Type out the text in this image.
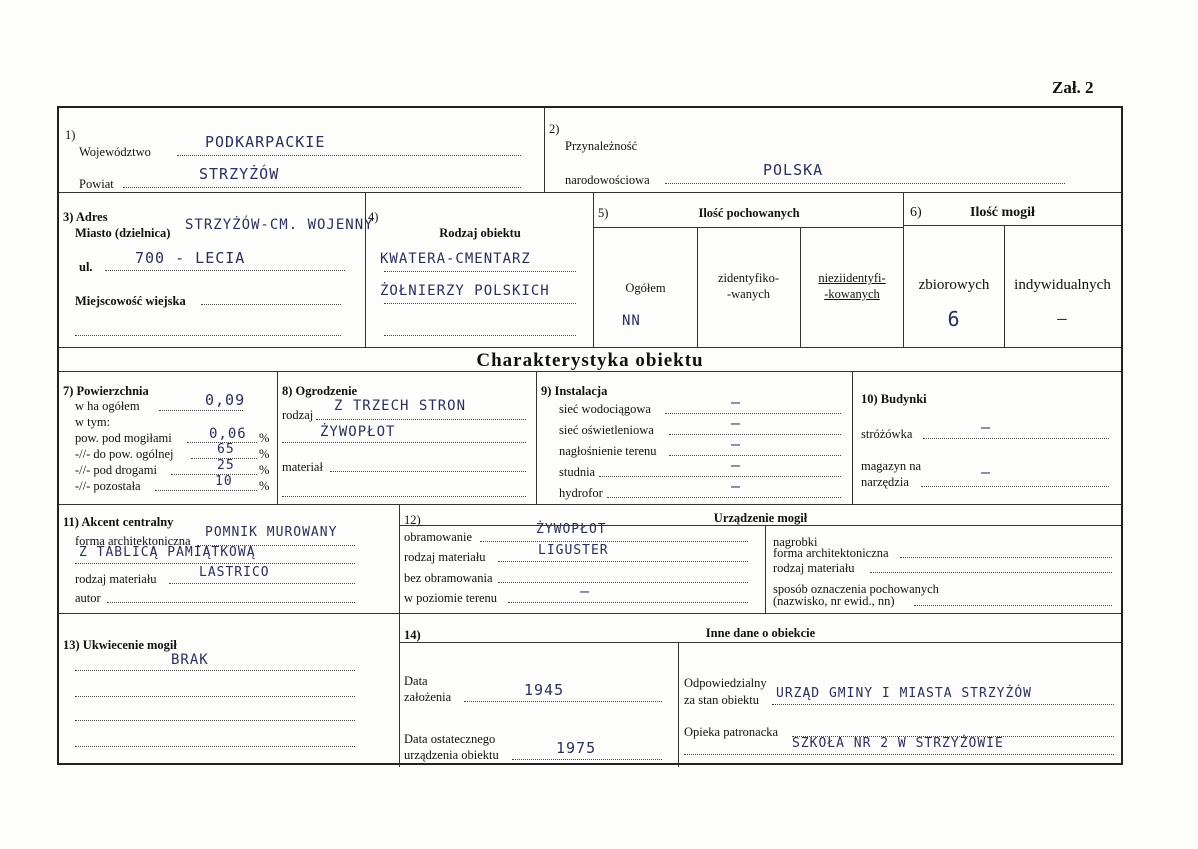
Zał. 2
1)
Województwo
PODKARPACKIE
Powiat
STRZYŻÓW
2)
Przynależność
narodowościowa
POLSKA
3) Adres
Miasto (dzielnica) STRZYŻÓW-CM. WOJENNY
ul.	700 - LECIA
Miejscowość wiejska
4)
Rodzaj obiektu
KWATERA-CMENTARZ
ŻOŁNIERZY POLSKICH
5)	Ilość pochowanych
Ogółem
NN
zidentyfiko-
-wanych
nieziidentyfi-
-kowanych
6)	Ilość mogił
zbiorowych	indywidualnych
6	—
Charakterystyka obiektu
7) Powierzchnia
w ha ogółem	0,09
w tym:
pow. pod mogiłami	0,06 %
-//- do pow. ogólnej	65 %
-//- pod drogami	25 %
-//- pozostała	10 %
8) Ogrodzenie
rodzaj
Z TRZECH STRON
ŻYWOPŁOT
materiał
9) Instalacja
sieć wodociągowa	—
sieć oświetleniowa	—
nagłośnienie terenu	—
studnia	—
hydrofor	—
10) Budynki
stróżówka	—
magazyn na
narzędzia
—
11) Akcent centralny
forma architektoniczna
POMNIK MUROWANY
Z TABLICĄ PAMIĄTKOWĄ
rodzaj materiału	LASTRICO
autor
12)	Urządzenie mogił
obramowanie	ŻYWOPŁOT
rodzaj materiału	LIGUSTER
bez obramowania
w poziomie terenu	—
nagrobki
forma architektoniczna
rodzaj materiału
sposób oznaczenia pochowanych
(nazwisko, nr ewid., nn)
13) Ukwiecenie mogił
BRAK
14)	Inne dane o obiekcie
Data
założenia	1945
Data ostatecznego
urządzenia obiektu	1975
Odpowiedzialny
za stan obiektu URZĄD GMINY I MIASTA STRZYŻÓW
Opieka patronacka
SZKOŁA NR 2 W STRZYŻOWIE
